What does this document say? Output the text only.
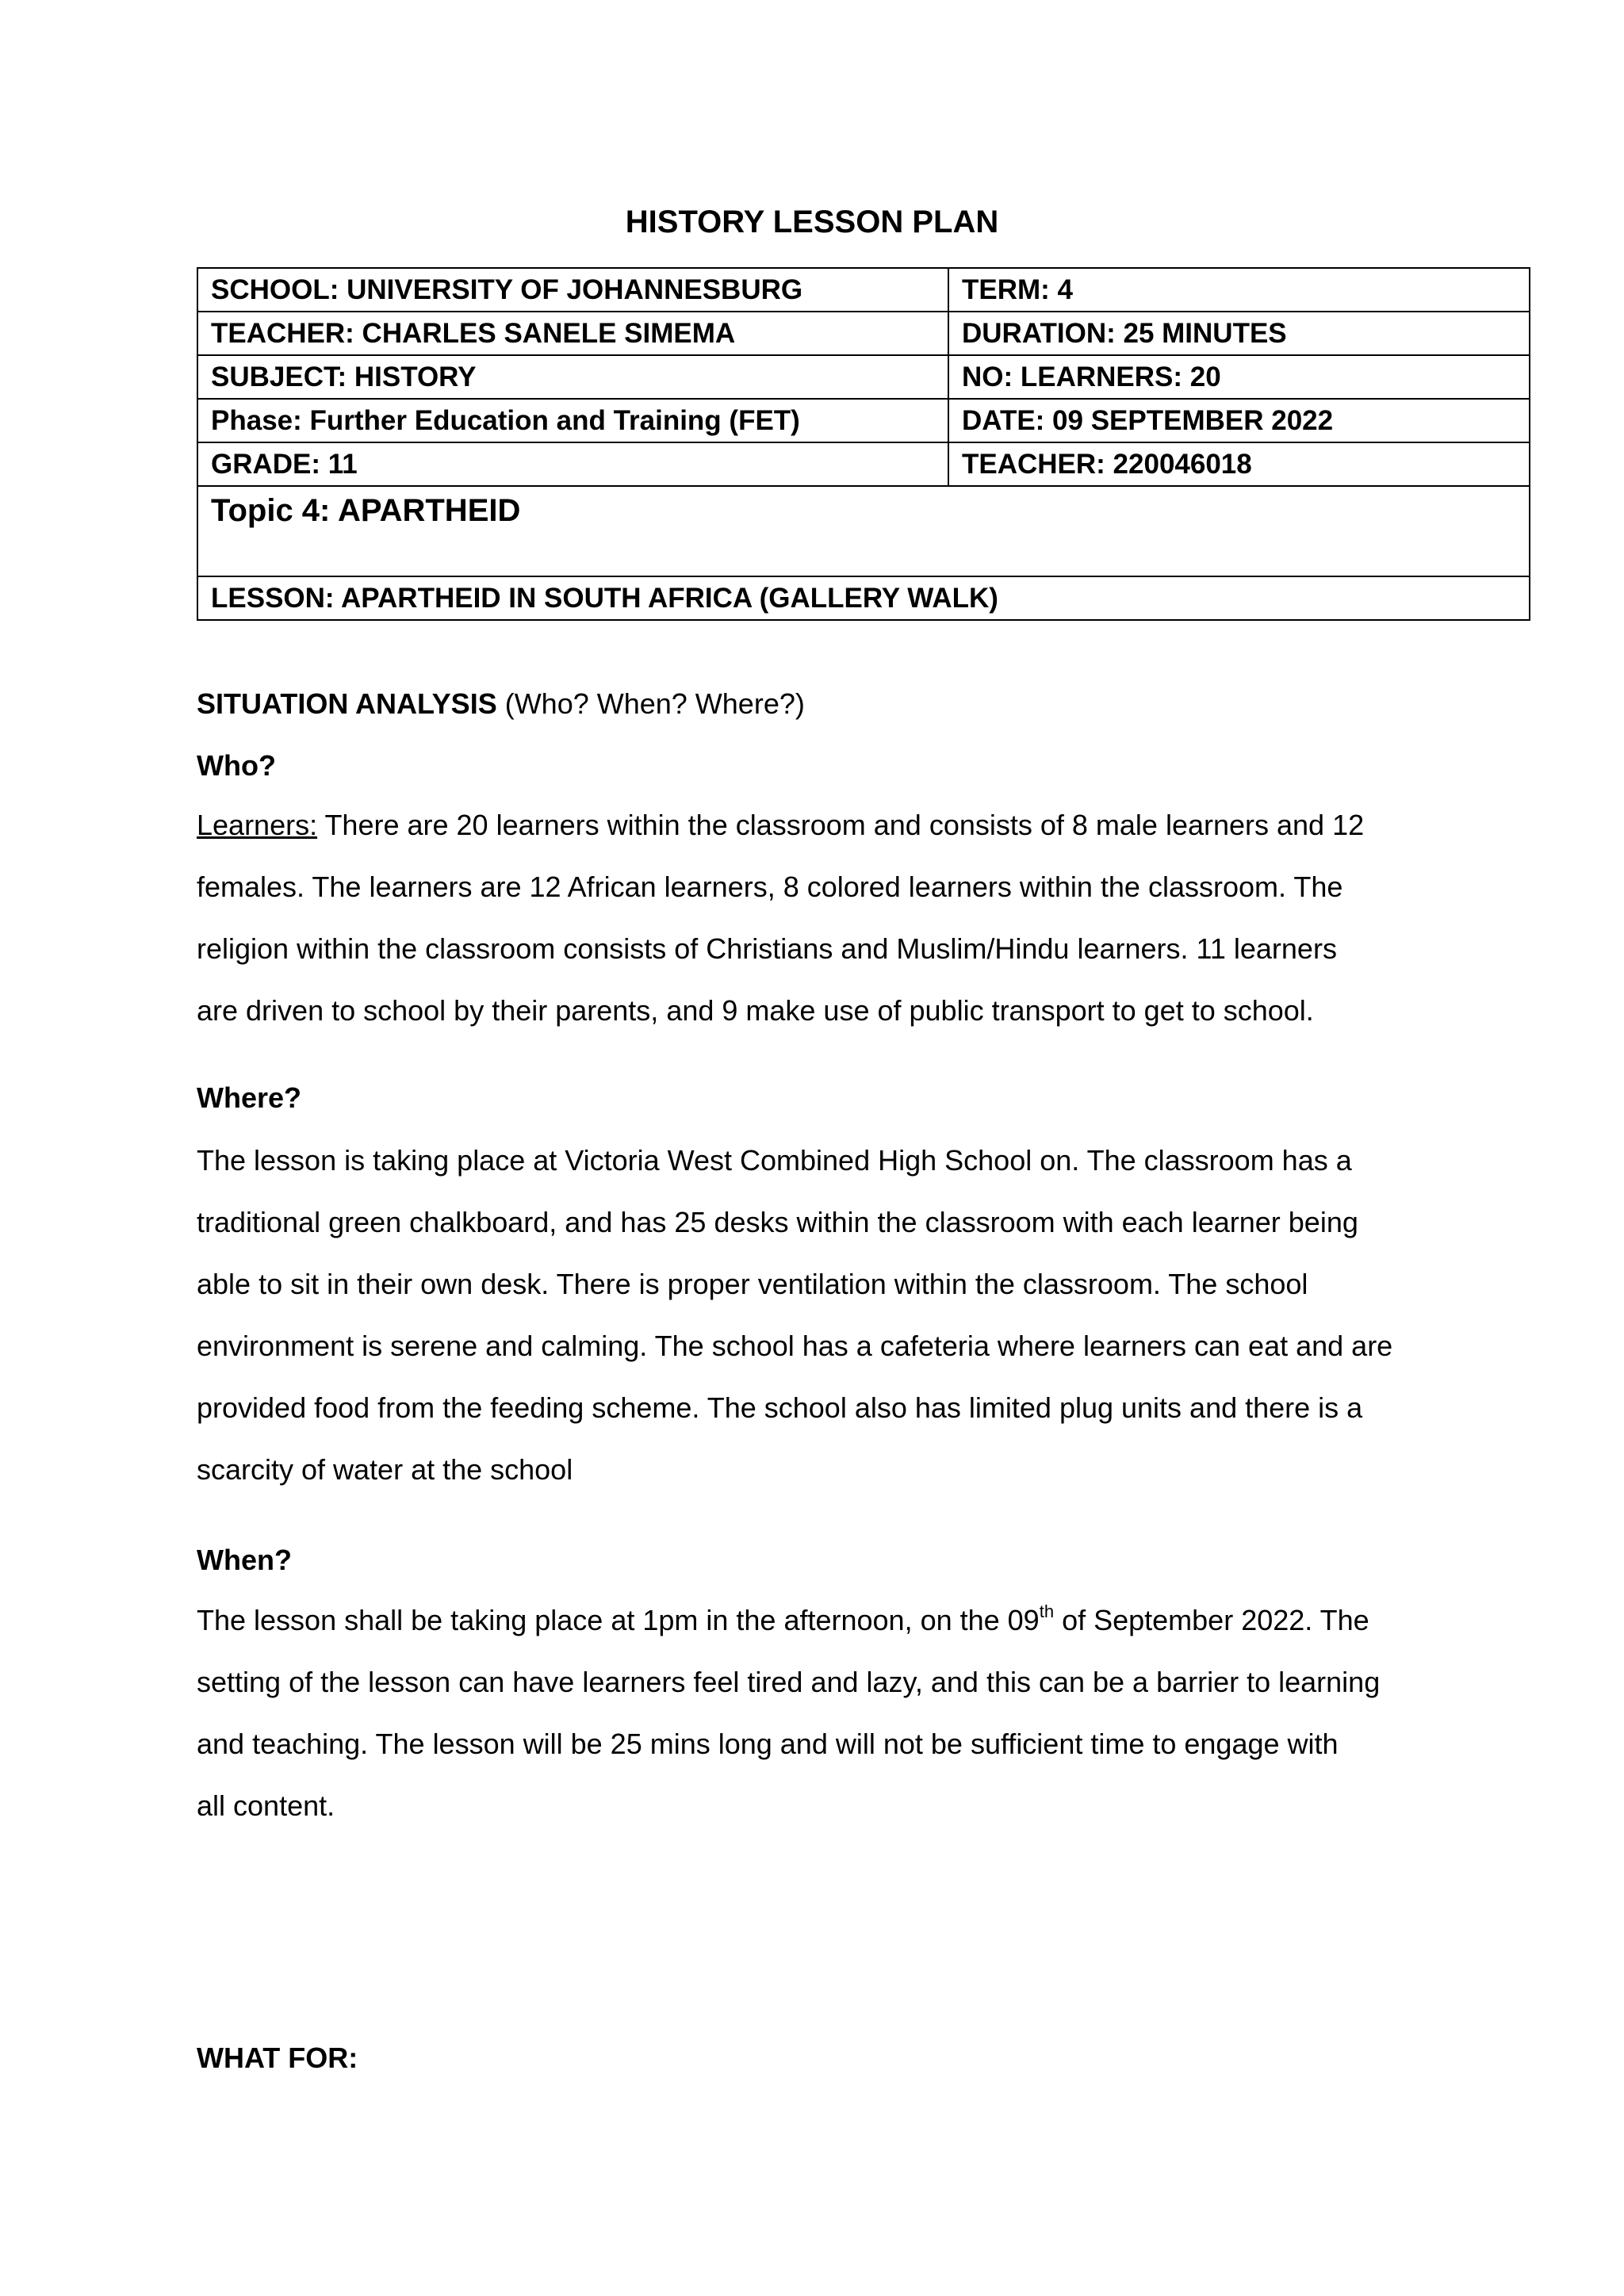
HISTORY LESSON PLAN
SCHOOL: UNIVERSITY OF JOHANNESBURG	TERM: 4
TEACHER: CHARLES SANELE SIMEMA	DURATION: 25 MINUTES
SUBJECT: HISTORY	NO: LEARNERS: 20
Phase: Further Education and Training (FET)	DATE: 09 SEPTEMBER 2022
GRADE: 11	TEACHER: 220046018
Topic 4: APARTHEID	
LESSON: APARTHEID IN SOUTH AFRICA (GALLERY WALK)	
SITUATION ANALYSIS (Who? When? Where?)
Who?

Learners: There are 20 learners within the classroom and consists of 8 male learners and 12

females. The learners are 12 African learners, 8 colored learners within the classroom. The

religion within the classroom consists of Christians and Muslim/Hindu learners. 11 learners

are driven to school by their parents, and 9 make use of public transport to get to school.

Where?

The lesson is taking place at Victoria West Combined High School on. The classroom has a

traditional green chalkboard, and has 25 desks within the classroom with each learner being

able to sit in their own desk. There is proper ventilation within the classroom. The school

environment is serene and calming. The school has a cafeteria where learners can eat and are

provided food from the feeding scheme. The school also has limited plug units and there is a

scarcity of water at the school

When?

The lesson shall be taking place at 1pm in the afternoon, on the 09th of September 2022. The

setting of the lesson can have learners feel tired and lazy, and this can be a barrier to learning

and teaching. The lesson will be 25 mins long and will not be sufficient time to engage with

all content.

WHAT FOR:
